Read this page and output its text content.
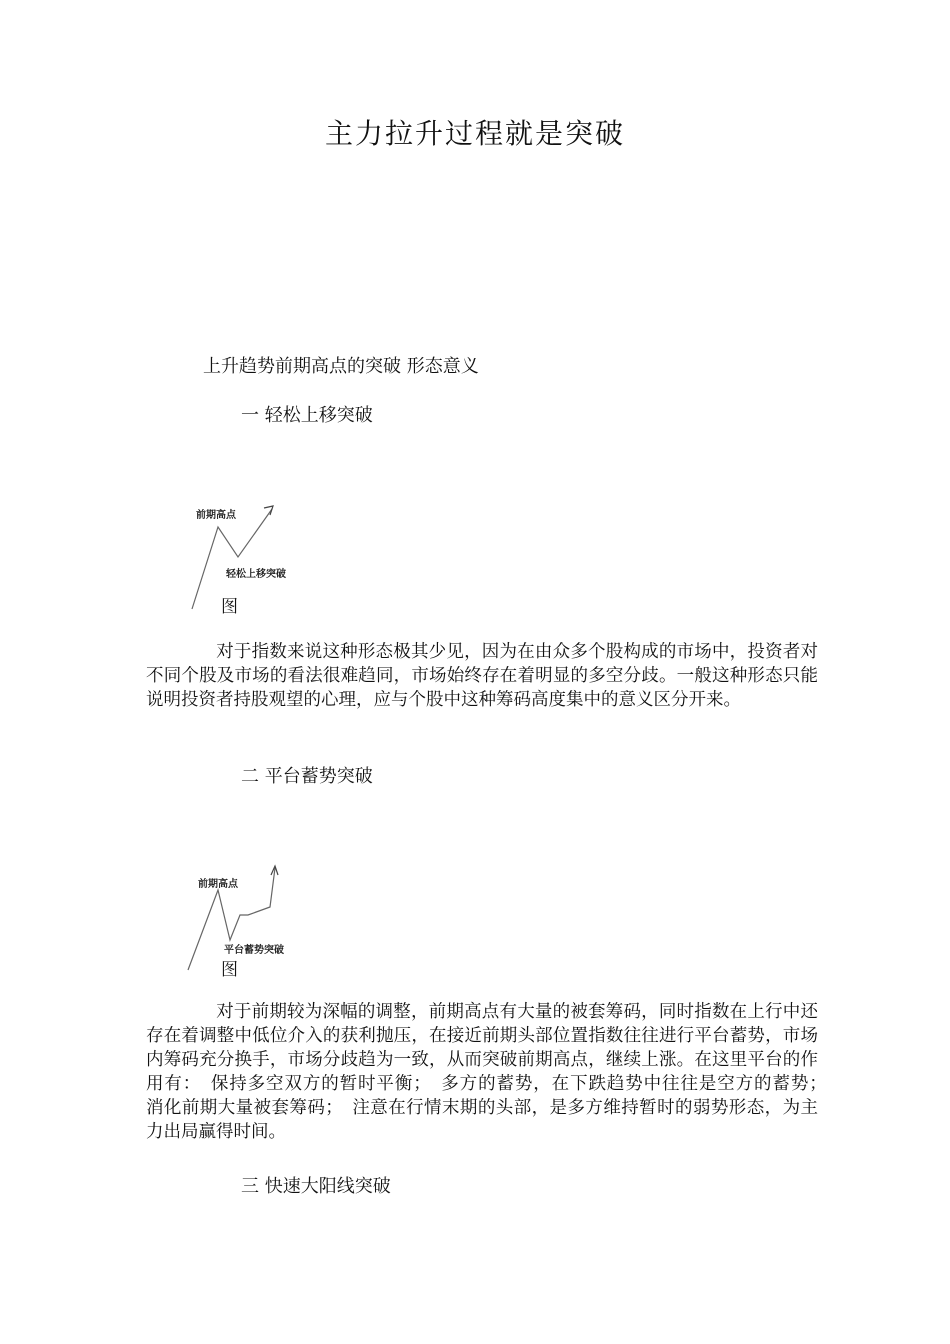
主力拉升过程就是突破
上升趋势前期高点的突破 形态意义
一 轻松上移突破
前期高点
轻松上移突破
图
对于指数来说这种形态极其少见，因为在由众多个股构成的市场中，投资者对不同个股及市场的看法很难趋同，市场始终存在着明显的多空分歧。一般这种形态只能说明投资者持股观望的心理，应与个股中这种筹码高度集中的意义区分开来。
二 平台蓄势突破
前期高点
平台蓄势突破
图
对于前期较为深幅的调整，前期高点有大量的被套筹码，同时指数在上行中还存在着调整中低位介入的获利抛压，在接近前期头部位置指数往往进行平台蓄势，市场内筹码充分换手，市场分歧趋为一致，从而突破前期高点，继续上涨。在这里平台的作用有：　保持多空双方的暂时平衡；　多方的蓄势，在下跌趋势中往往是空方的蓄势；　消化前期大量被套筹码；　注意在行情末期的头部，是多方维持暂时的弱势形态，为主力出局赢得时间。
三 快速大阳线突破
